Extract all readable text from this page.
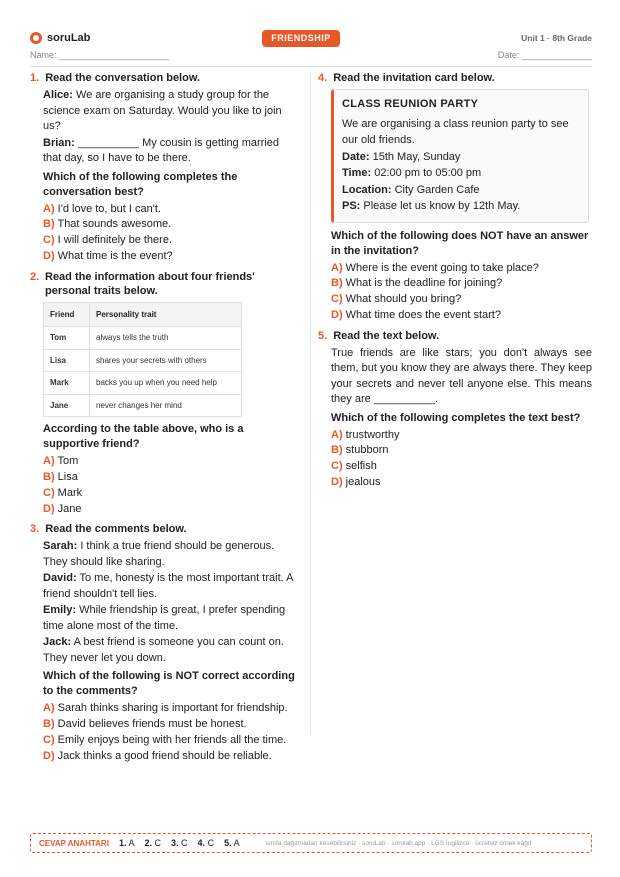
soruLab	FRIENDSHIP	Unit 1 · 8th Grade
Name: ______________________	Date: ______________
1. Read the conversation below.

Alice: We are organising a study group for the science exam on Saturday. Would you like to join us?

Brian: __________ My cousin is getting married that day, so I have to be there.

Which of the following completes the conversation best?
A) I'd love to, but I can't.
B) That sounds awesome.
C) I will definitely be there.
D) What time is the event?
2. Read the information about four friends' personal traits below.
Friend	Personality trait
Tom	always tells the truth
Lisa	shares your secrets with others
Mark	backs you up when you need help
Jane	never changes her mind
According to the table above, who is a supportive friend?
A) Tom
B) Lisa
C) Mark
D) Jane
3. Read the comments below.

Sarah: I think a true friend should be generous. They should like sharing.

David: To me, honesty is the most important trait. A friend shouldn't tell lies.

Emily: While friendship is great, I prefer spending time alone most of the time.

Jack: A best friend is someone you can count on. They never let you down.

Which of the following is NOT correct according to the comments?
A) Sarah thinks sharing is important for friendship.
B) David believes friends must be honest.
C) Emily enjoys being with her friends all the time.
D) Jack thinks a good friend should be reliable.
4. Read the invitation card below.
CLASS REUNION PARTY
We are organising a class reunion party to see our old friends.
Date: 15th May, Sunday
Time: 02:00 pm to 05:00 pm
Location: City Garden Cafe
PS: Please let us know by 12th May.
Which of the following does NOT have an answer in the invitation?
A) Where is the event going to take place?
B) What is the deadline for joining?
C) What should you bring?
D) What time does the event start?
5. Read the text below.

True friends are like stars; you don't always see them, but you know they are always there. They keep your secrets and never tell anyone else. This means they are __________.

Which of the following completes the text best?
A) trustworthy
B) stubborn
C) selfish
D) jealous
CEVAP ANAHTARI 1. A 2. C 3. C 4. C 5. A	sınıfa dağıtmadan kesebilirsiniz · soruLab · sorulab.app · LGS İngilizce · ücretsiz örnek kâğıt
